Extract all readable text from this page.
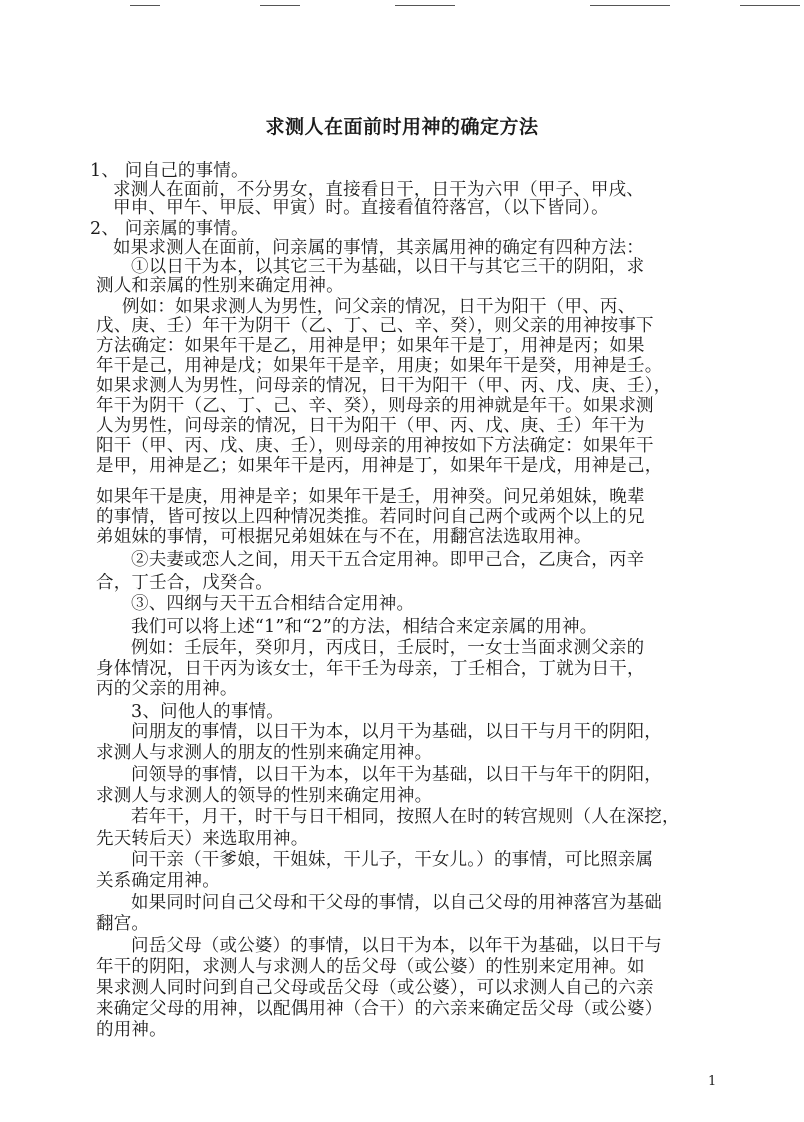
求测人在面前时用神的确定方法
1、 问自己的事情。
求测人在面前，不分男女，直接看日干，日干为六甲（甲子、甲戌、
甲申、甲午、甲辰、甲寅）时。直接看值符落宫，（以下皆同）。
2、 问亲属的事情。
如果求测人在面前，问亲属的事情，其亲属用神的确定有四种方法：
①以日干为本，以其它三干为基础，以日干与其它三干的阴阳，求
测人和亲属的性别来确定用神。
例如：如果求测人为男性，问父亲的情况，日干为阳干（甲、丙、
戊、庚、壬）年干为阴干（乙、丁、己、辛、癸），则父亲的用神按事下
方法确定：如果年干是乙，用神是甲；如果年干是丁，用神是丙；如果
年干是己，用神是戊；如果年干是辛，用庚；如果年干是癸，用神是壬。
如果求测人为男性，问母亲的情况，日干为阳干（甲、丙、戊、庚、壬），
年干为阴干（乙、丁、己、辛、癸），则母亲的用神就是年干。如果求测
人为男性，问母亲的情况，日干为阳干（甲、丙、戊、庚、壬）年干为
阳干（甲、丙、戊、庚、壬），则母亲的用神按如下方法确定：如果年干
是甲，用神是乙；如果年干是丙，用神是丁，如果年干是戊，用神是己，
如果年干是庚，用神是辛；如果年干是壬，用神癸。问兄弟姐妹，晚辈
的事情，皆可按以上四种情况类推。若同时问自己两个或两个以上的兄
弟姐妹的事情，可根据兄弟姐妹在与不在，用翻宫法选取用神。
②夫妻或恋人之间，用天干五合定用神。即甲己合，乙庚合，丙辛
合，丁壬合，戊癸合。
③、四纲与天干五合相结合定用神。
我们可以将上述“1”和“2”的方法，相结合来定亲属的用神。
例如：壬辰年，癸卯月，丙戌日，壬辰时，一女士当面求测父亲的
身体情况，日干丙为该女士，年干壬为母亲，丁壬相合，丁就为日干，
丙的父亲的用神。
3、问他人的事情。
问朋友的事情，以日干为本，以月干为基础，以日干与月干的阴阳，
求测人与求测人的朋友的性别来确定用神。
问领导的事情，以日干为本，以年干为基础，以日干与年干的阴阳，
求测人与求测人的领导的性别来确定用神。
若年干，月干，时干与日干相同，按照人在时的转宫规则（人在深挖，
先天转后天）来选取用神。
问干亲（干爹娘，干姐妹，干儿子，干女儿。）的事情，可比照亲属
关系确定用神。
如果同时问自己父母和干父母的事情，以自己父母的用神落宫为基础
翻宫。
问岳父母（或公婆）的事情，以日干为本，以年干为基础，以日干与
年干的阴阳，求测人与求测人的岳父母（或公婆）的性别来定用神。如
果求测人同时问到自己父母或岳父母（或公婆），可以求测人自己的六亲
来确定父母的用神，以配偶用神（合干）的六亲来确定岳父母（或公婆）
的用神。
1
